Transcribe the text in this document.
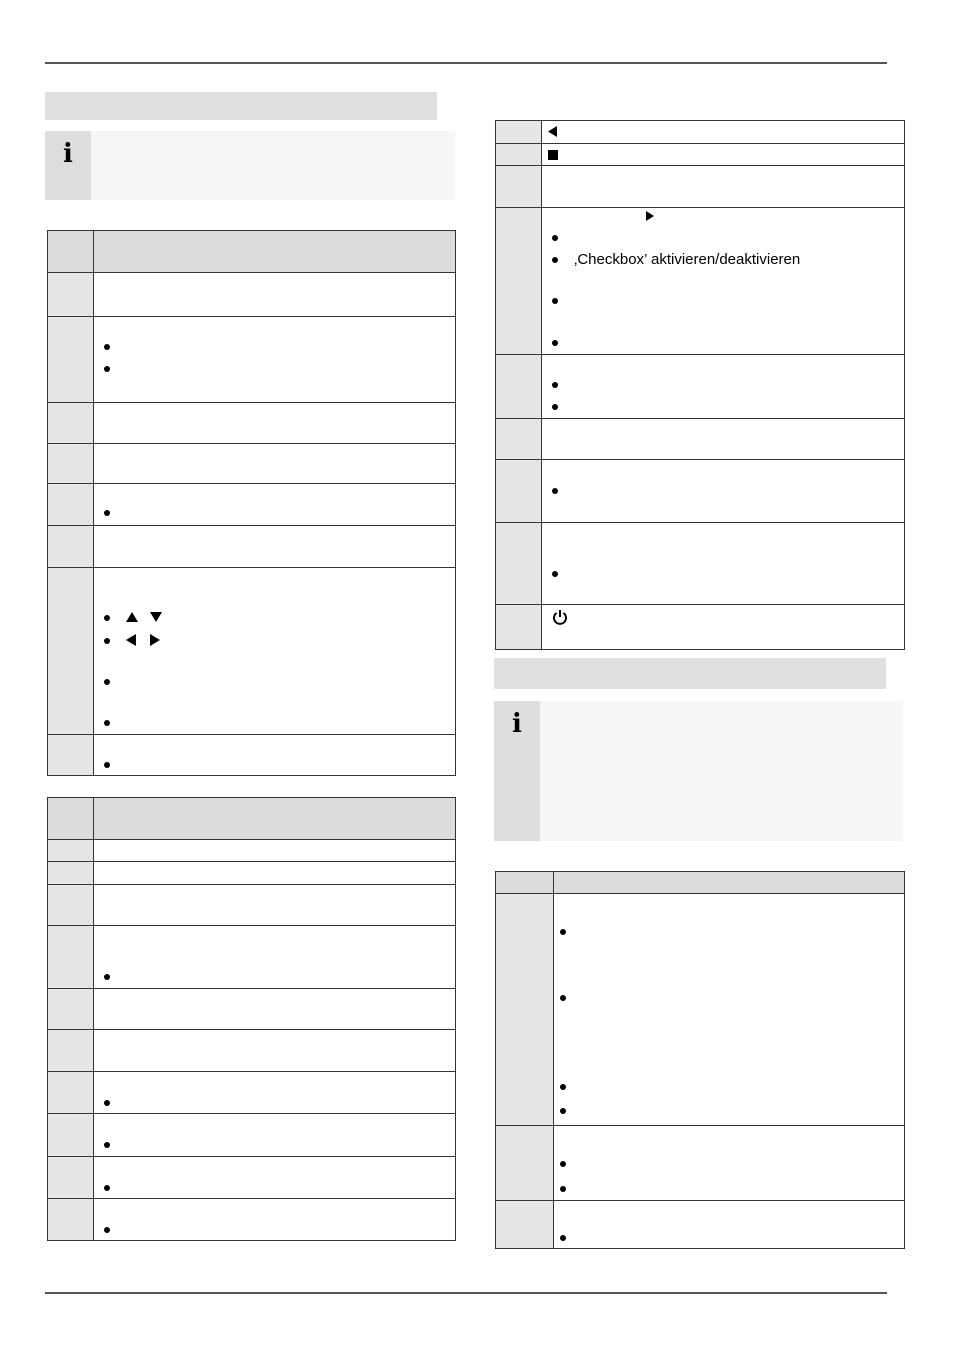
i

	‚Checkbox’ aktivieren/deaktivieren

i
